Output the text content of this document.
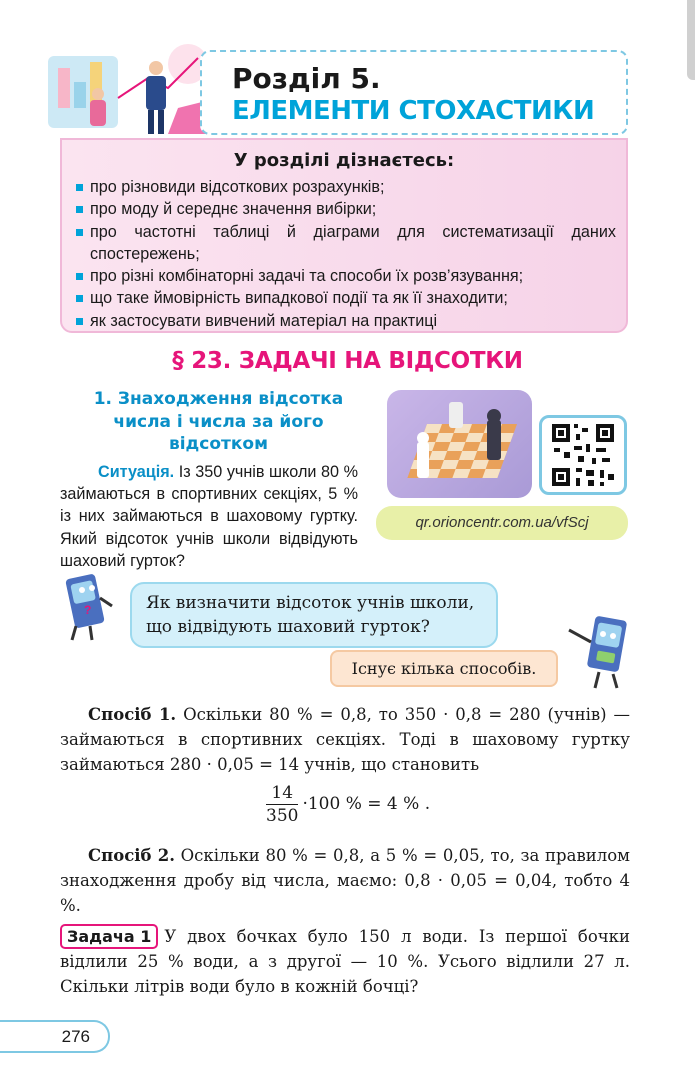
Розділ 5.
ЕЛЕМЕНТИ СТОХАСТИКИ
У розділі дізнаєтесь:
про різновиди відсоткових розрахунків;
про моду й середнє значення вибірки;
про частотні таблиці й діаграми для систематизації даних спостережень;
про різні комбінаторні задачі та способи їх розв’язування;
що таке ймовірність випадкової події та як її знаходити;
як застосувати вивчений матеріал на практиці
§ 23. ЗАДАЧІ НА ВІДСОТКИ
1. Знаходження відсотка числа і числа за його відсотком

Ситуація. Із 350 учнів школи 80 % займаються в спортивних секціях, 5 % із них займаються в шаховому гуртку. Який відсоток учнів школи відвідують шаховий гурток?

qr.orioncentr.com.ua/vfScj
?	Як визначити відсоток учнів школи, що відвідують шаховий гурток?
Існує кілька способів.

Спосіб 1. Оскільки 80 % = 0,8, то 350 · 0,8 = 280 (учнів) — займаються в спортивних секціях. Тоді в шаховому гуртку займаються 280 · 0,05 = 14 учнів, що становить

$\frac{14}{350} \cdot 100$ % = 4 % .

Спосіб 2. Оскільки 80 % = 0,8, а 5 % = 0,05, то, за правилом знаходження дробу від числа, маємо: 0,8 · 0,05 = 0,04, тобто 4 %.

Задача 1 У двох бочках було 150 л води. Із першої бочки відлили 25 % води, а з другої — 10 %. Усього відлили 27 л. Скільки літрів води було в кожній бочці?

276
